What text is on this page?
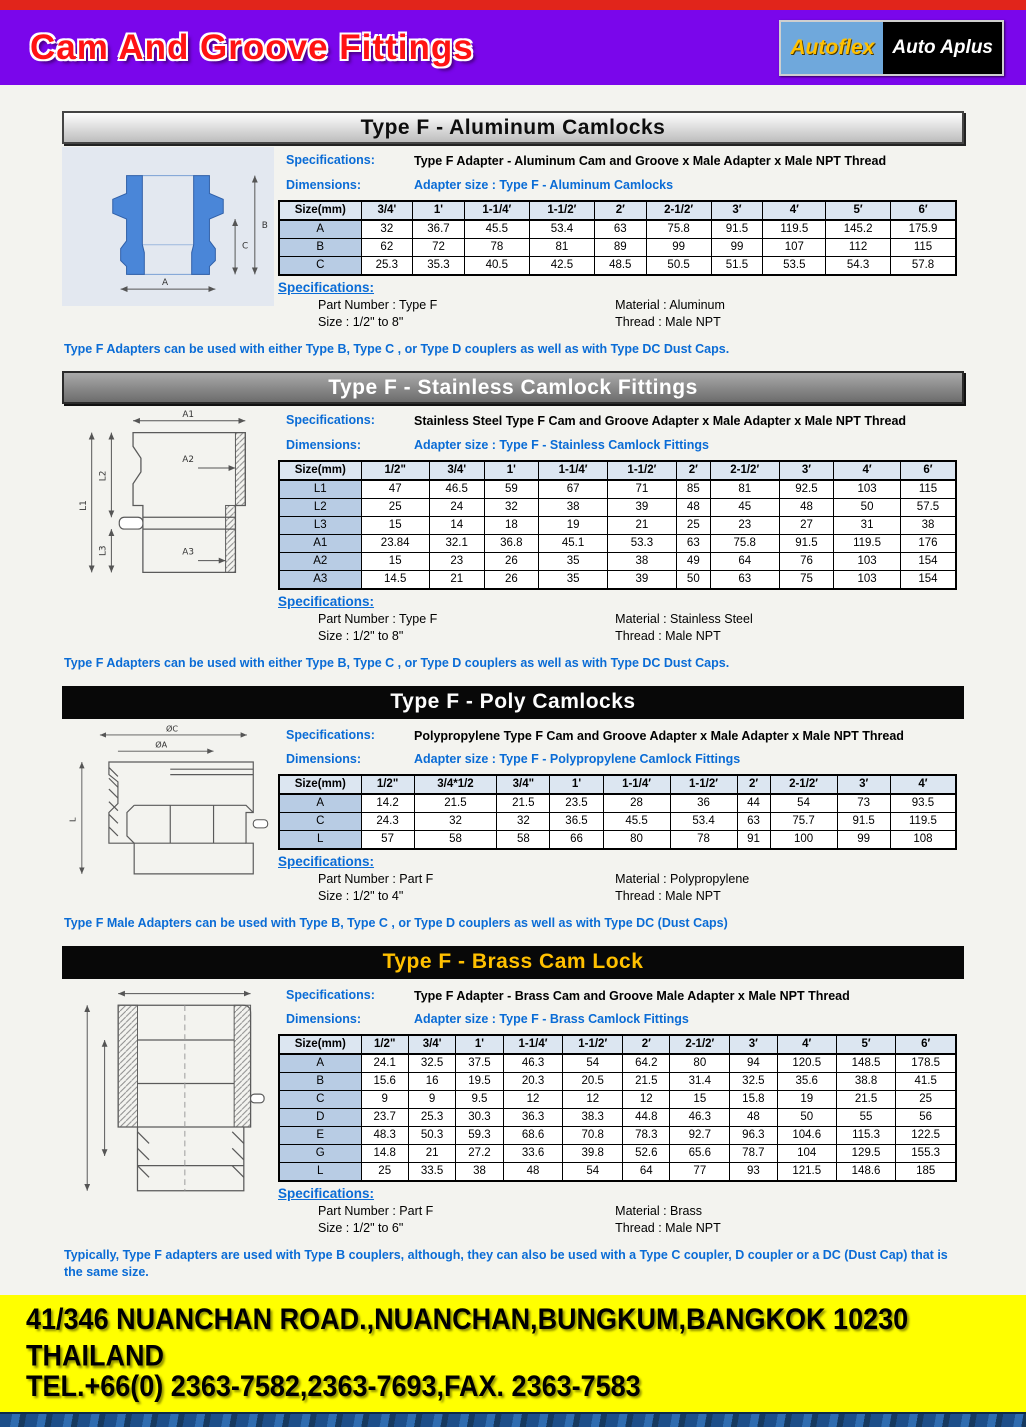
Cam And Groove Fittings	Autoflex Auto Aplus
Type F - Aluminum Camlocks
A
C
B
Specifications:	Type F Adapter - Aluminum Cam and Groove x Male Adapter x Male NPT Thread
Dimensions:	Adapter size : Type F - Aluminum Camlocks
Size(mm)	3/4'	1'	1-1/4′	1-1/2′	2′	2-1/2′	3′	4′	5′	6′
A	32	36.7	45.5	53.4	63	75.8	91.5	119.5	145.2	175.9
B	62	72	78	81	89	99	99	107	112	115
C	25.3	35.3	40.5	42.5	48.5	50.5	51.5	53.5	54.3	57.8
Specifications:
Part Number : Type F	Material : Aluminum
Size : 1/2" to 8"	Thread : Male NPT

Type F Adapters can be used with either Type B, Type C , or Type D couplers as well as with Type DC Dust Caps.

Type F - Stainless Camlock Fittings
A1
A2
A3
L1
L2
L3
Specifications:	Stainless Steel Type F Cam and Groove Adapter x Male Adapter x Male NPT Thread
Dimensions:	Adapter size : Type F - Stainless Camlock Fittings
Size(mm)	1/2"	3/4'	1'	1-1/4′	1-1/2′	2′	2-1/2′	3′	4′	6′
L1	47	46.5	59	67	71	85	81	92.5	103	115
L2	25	24	32	38	39	48	45	48	50	57.5
L3	15	14	18	19	21	25	23	27	31	38
A1	23.84	32.1	36.8	45.1	53.3	63	75.8	91.5	119.5	176
A2	15	23	26	35	38	49	64	76	103	154
A3	14.5	21	26	35	39	50	63	75	103	154
Specifications:
Part Number : Type F	Material : Stainless Steel
Size : 1/2" to 8"	Thread : Male NPT

Type F Adapters can be used with either Type B, Type C , or Type D couplers as well as with Type DC Dust Caps.

Type F - Poly Camlocks
ØC
ØA
L
Specifications:	Polypropylene Type F Cam and Groove Adapter x Male Adapter x Male NPT Thread
Dimensions:	Adapter size : Type F - Polypropylene Camlock Fittings
Size(mm)	1/2"	3/4*1/2	3/4"	1'	1-1/4′	1-1/2′	2′	2-1/2′	3′	4′
A	14.2	21.5	21.5	23.5	28	36	44	54	73	93.5
C	24.3	32	32	36.5	45.5	53.4	63	75.7	91.5	119.5
L	57	58	58	66	80	78	91	100	99	108
Specifications:
Part Number : Part F	Material : Polypropylene
Size : 1/2" to 4"	Thread : Male NPT

Type F Male Adapters can be used with Type B, Type C , or Type D couplers as well as with Type DC (Dust Caps)

Type F - Brass Cam Lock
Specifications:	Type F Adapter - Brass Cam and Groove Male Adapter x Male NPT Thread
Dimensions:	Adapter size : Type F - Brass Camlock Fittings
Size(mm)	1/2"	3/4'	1'	1-1/4′	1-1/2′	2′	2-1/2′	3′	4′	5′	6′
A	24.1	32.5	37.5	46.3	54	64.2	80	94	120.5	148.5	178.5
B	15.6	16	19.5	20.3	20.5	21.5	31.4	32.5	35.6	38.8	41.5
C	9	9	9.5	12	12	12	15	15.8	19	21.5	25
D	23.7	25.3	30.3	36.3	38.3	44.8	46.3	48	50	55	56
E	48.3	50.3	59.3	68.6	70.8	78.3	92.7	96.3	104.6	115.3	122.5
G	14.8	21	27.2	33.6	39.8	52.6	65.6	78.7	104	129.5	155.3
L	25	33.5	38	48	54	64	77	93	121.5	148.6	185
Specifications:
Part Number : Part F	Material : Brass
Size : 1/2" to 6"	Thread : Male NPT

Typically, Type F adapters are used with Type B couplers, although, they can also be used with a Type C coupler, D coupler or a DC (Dust Cap) that is the same size.

41/346 NUANCHAN ROAD.,NUANCHAN,BUNGKUM,BANGKOK 10230 THAILAND
TEL.+66(0) 2363-7582,2363-7693,FAX. 2363-7583
